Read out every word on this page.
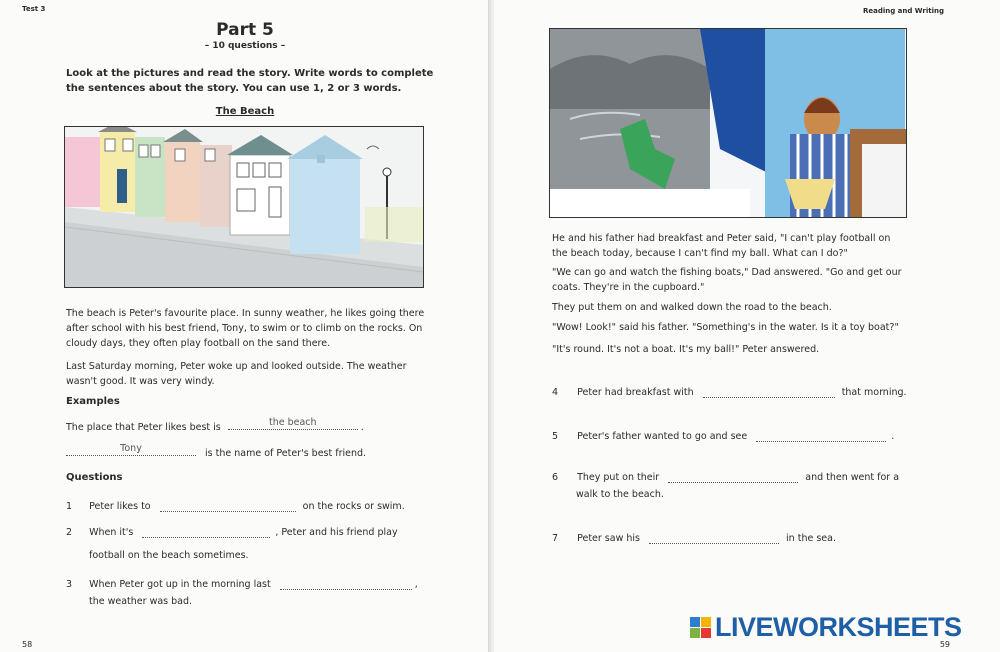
Test 3
Part 5
– 10 questions –
Look at the pictures and read the story. Write words to complete the sentences about the story. You can use 1, 2 or 3 words.
The Beach
The beach is Peter's favourite place. In sunny weather, he likes going there after school with his best friend, Tony, to swim or to climb on the rocks. On cloudy days, they often play football on the sand there.
Last Saturday morning, Peter woke up and looked outside. The weather wasn't good. It was very windy.
Examples
The place that Peter likes best is	the beach	.
Tony	is the name of Peter's best friend.
Questions
1 Peter likes to	on the rocks or swim.
2 When it's	, Peter and his friend play
football on the beach sometimes.
3 When Peter got up in the morning last	,
the weather was bad.
58
Reading and Writing
He and his father had breakfast and Peter said, "I can't play football on the beach today, because I can't find my ball. What can I do?"
"We can go and watch the fishing boats," Dad answered. "Go and get our coats. They're in the cupboard."
They put them on and walked down the road to the beach.
"Wow! Look!" said his father. "Something's in the water. Is it a toy boat?"
"It's round. It's not a boat. It's my ball!" Peter answered.
4 Peter had breakfast with	that morning.
5 Peter's father wanted to go and see	.
6 They put on their	and then went for a
walk to the beach.
7 Peter saw his	in the sea.
LIVEWORKSHEETS
59
